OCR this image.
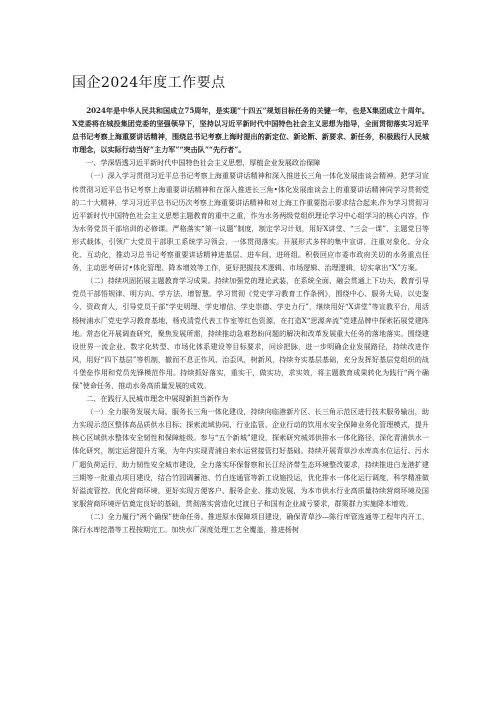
国企2024年度工作要点

2024年是中华人民共和国成立75周年，是实现“十四五”规划目标任务的关键一年，也是X集团成立十周年。X党委将在城投集团党委的坚强领导下，坚持以习近平新时代中国特色社会主义思想为指导，全面贯彻落实习近平总书记考察上海重要讲话精神，围绕总书记考察上海时提出的新定位、新论断、新要求、新任务，积极践行人民城市理念，以实际行动当好“主力军”“突击队”“先行者”。

一、学深悟透习近平新时代中国特色社会主义思想，厚植企业发展政治保障

（一）深入学习贯彻习近平总书记考察上海重要讲话精神和深入推进长三角一体化发展座谈会精神。把学习宣传贯彻习近平总书记考察上海重要讲话精神和在深入推进长三角•体化发展座谈会上的重要讲话精神同学习贯彻党的二十大精神，学习习近平总书记历次考察上海重要讲话精神和对上海工作重要指示要求结合起来,作为学习贯彻习近平新时代中国特色社会主义思想主题教育的重中之重，作为水务两级党组织理论学习中心组学习的核心内容，作为水务党员干部培训的必修课。严格落实“第一议题”制度，制定学习计划，用好X讲堂、“三会一课”、主题党日等形式载体，引领广大党员干部职工系统学习领会，一体贯彻落实。开展形式多样的集中宣讲，注重对象化、分众化、互动化，推动习总书记考察重要讲话精神进基层、进车间、进班组。积极回应市委市政府关切的水务重点任务，主动思考研讨•体化管理、降本增效等工作，更好把握技术逻辑、市场逻辑、治理逻辑，切实拿出“X”方案。

（二）持续巩固拓展主题教育学习成果。持续加强党的理论武装，在系统全面、融会贯通上下功夫，教育引导党员干部悟规律、明方向、学方法、增智慧。学习贯彻《党史学习教育工作条例》，围绕中心、服务大局，以史鉴今、资政育人，引导党员干部“学史明理、学史增信、学史崇德、学史力行”，继续用好“X讲堂”等宣教平台，用活杨树浦水厂党史学习教育基地，杨戎清党代表工作室等红色资源，在打造X“思源奔流”党建品牌中探索拓展党建阵地。常态化开展调查研究，聚焦发展所需，持续推动急难愁盼问题的解决和改革发展重大任务的落地落实。围绕建设世界一流企业、数字化转型、市场化体系建设等目标要求，问诊把脉，进一步明确企业发展路径，持续改进作风，用好“四下基层”等机制，撤而不息正作风、治歪风，树新风，持续夯实基层基础，充分发挥好基层党组织的战斗堡垒作用和党员先锋模范作用。持续抓好落实，重实干，做实功，求实效，将主题教育成果转化为践行“两个确保”使命任务，推动水务高质量发展的成效。

二、在践行人民城市理念中展现新担当新作为

（一）全力服务发展大局。服务长三角一体化建设，持续向临港新片区、长三角示范区进行技术服务输出，助力实现示范区整体高品质供水目标；探索流域协同、行业监管、企业行动的饮用水安全保障业务化管理模式，提升核心区域供水整体安全韧性和保障能级。参与“五个新城”建设，探索研究城郊供排水一体化路径，深化青浦供水一体化研究，制定运营提升方案，为年内实现青浦自来水运营接管打好基础。持续开展青草沙水库高水位运行、污水厂超负荷运行，助力韧性安全城市建设，全力落实环保督察和长江经济带生态环境整改要求，持续推进白龙港扩建三期等一批重点项目建设，结合竹园调蓄池、竹白连通管等新工设施投运，优化排水一体化运行调度，科学精准做好溢流管控。优化营商环境，更好实现方便客户、服务企业、推动发展，为本市供水行业高质量持续营商环境及国家服营商环境评估奠定良好的基础，贯彻落实营造化过渡日子和国有企业减亏要求，群策群力实施降本增效。

（二）全力履行“两个确保”使命任务。推进原水保障项目建设，确保青草沙—陈行库管连通等工程年内开工，陈行水库挖潜等工程按期完工。加快水厂深度处理工艺全覆盖，推进杨树
